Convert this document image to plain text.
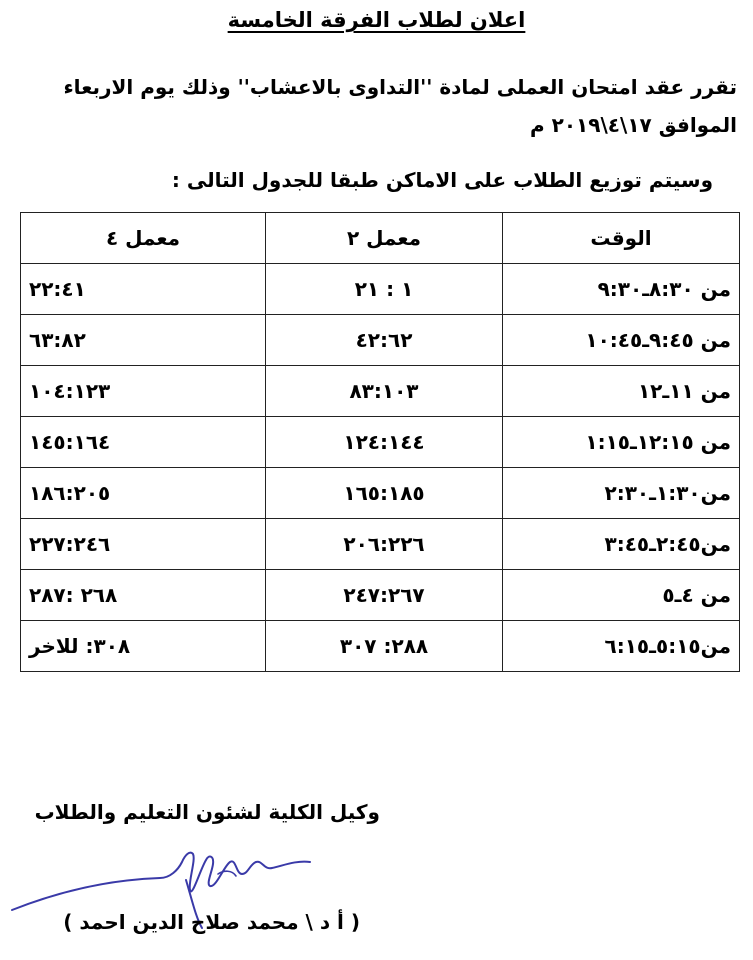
اعلان لطلاب الفرقة الخامسة
تقرر عقد امتحان العملى لمادة ''التداوى بالاعشاب'' وذلك يوم الاربعاء
الموافق ١٧\٤\٢٠١٩ م
وسيتم توزيع الطلاب على الاماكن طبقا للجدول التالى :
الوقت	معمل ٢	معمل ٤
من ٨:٣٠ـ٩:٣٠	١ : ٢١	٢٢:٤١
من ٩:٤٥ـ١٠:٤٥	٤٢:٦٢	٦٣:٨٢
من ١١ـ١٢	٨٣:١٠٣	١٠٤:١٢٣
من ١٢:١٥ـ١:١٥	١٢٤:١٤٤	١٤٥:١٦٤
من١:٣٠ـ٢:٣٠	١٦٥:١٨٥	١٨٦:٢٠٥
من٢:٤٥ـ٣:٤٥	٢٠٦:٢٢٦	٢٢٧:٢٤٦
من ٤ـ٥	٢٤٧:٢٦٧	٢٦٨ :٢٨٧
من٥:١٥ـ٦:١٥	٢٨٨: ٣٠٧	٣٠٨: للاخر
وكيل الكلية لشئون التعليم والطلاب
( أ د \ محمد صلاح الدين احمد )
